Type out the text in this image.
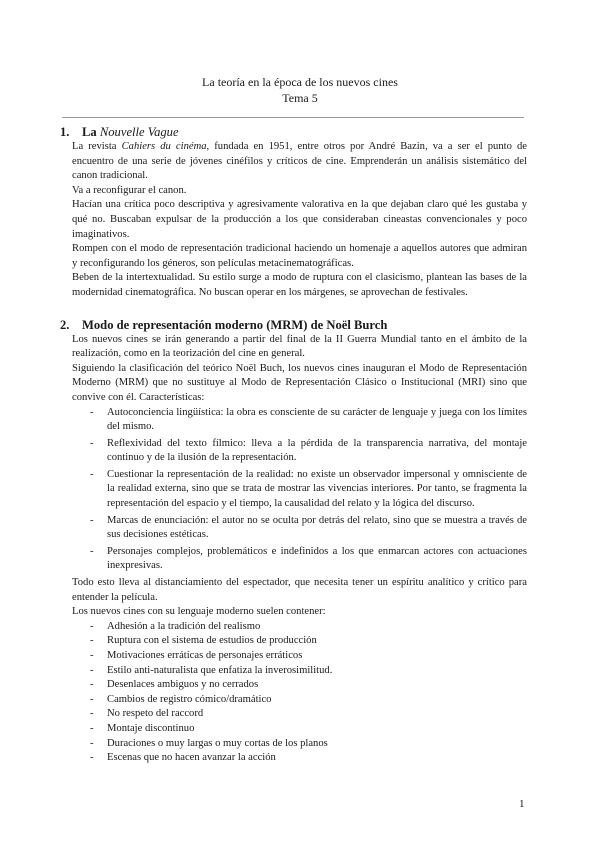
La teoría en la época de los nuevos cines
Tema 5
1. La Nouvelle Vague

La revista Cahiers du cinéma, fundada en 1951, entre otros por André Bazin, va a ser el punto de encuentro de una serie de jóvenes cinéfilos y críticos de cine. Emprenderán un análisis sistemático del canon tradicional.

Va a reconfigurar el canon.

Hacían una crítica poco descriptiva y agresivamente valorativa en la que dejaban claro qué les gustaba y qué no. Buscaban expulsar de la producción a los que consideraban cineastas convencionales y poco imaginativos.

Rompen con el modo de representación tradicional haciendo un homenaje a aquellos autores que admiran y reconfigurando los géneros, son películas metacinematográficas.

Beben de la intertextualidad. Su estilo surge a modo de ruptura con el clasicismo, plantean las bases de la modernidad cinematográfica. No buscan operar en los márgenes, se aprovechan de festivales.

2. Modo de representación moderno (MRM) de Noël Burch

Los nuevos cines se irán generando a partir del final de la II Guerra Mundial tanto en el ámbito de la realización, como en la teorización del cine en general.

Siguiendo la clasificación del teórico Noël Buch, los nuevos cines inauguran el Modo de Representación Moderno (MRM) que no sustituye al Modo de Representación Clásico o Institucional (MRI) sino que convive con él. Características:

-	Autoconciencia lingüística: la obra es consciente de su carácter de lenguaje y juega con los límites del mismo.
-	Reflexividad del texto fílmico: lleva a la pérdida de la transparencia narrativa, del montaje continuo y de la ilusión de la representación.
-	Cuestionar la representación de la realidad: no existe un observador impersonal y omnisciente de la realidad externa, sino que se trata de mostrar las vivencias interiores. Por tanto, se fragmenta la representación del espacio y el tiempo, la causalidad del relato y la lógica del discurso.
-	Marcas de enunciación: el autor no se oculta por detrás del relato, sino que se muestra a través de sus decisiones estéticas.
-	Personajes complejos, problemáticos e indefinidos a los que enmarcan actores con actuaciones inexpresivas.

Todo esto lleva al distanciamiento del espectador, que necesita tener un espíritu analítico y crítico para entender la película.

Los nuevos cines con su lenguaje moderno suelen contener:

-	Adhesión a la tradición del realismo
-	Ruptura con el sistema de estudios de producción
-	Motivaciones erráticas de personajes erráticos
-	Estilo anti-naturalista que enfatiza la inverosimilitud.
-	Desenlaces ambiguos y no cerrados
-	Cambios de registro cómico/dramático
-	No respeto del raccord
-	Montaje discontinuo
-	Duraciones o muy largas o muy cortas de los planos
-	Escenas que no hacen avanzar la acción
1
